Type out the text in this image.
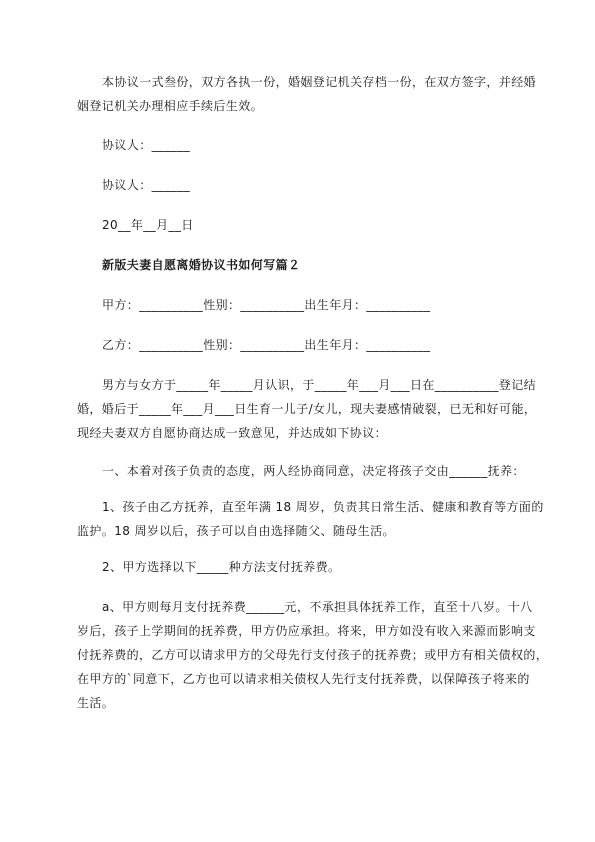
本协议一式叁份，双方各执一份，婚姻登记机关存档一份，在双方签字，并经婚
姻登记机关办理相应手续后生效。
协议人：______
协议人：______
20__年__月__日
新版夫妻自愿离婚协议书如何写篇２
甲方：__________性别：__________出生年月：__________
乙方：__________性别：__________出生年月：__________
男方与女方于_____年_____月认识，于_____年___月___日在__________登记结
婚，婚后于_____年___月___日生育一儿子/女儿，现夫妻感情破裂，已无和好可能，
现经夫妻双方自愿协商达成一致意见，并达成如下协议：
一、本着对孩子负责的态度，两人经协商同意，决定将孩子交由______抚养：
1、孩子由乙方抚养，直至年满 18 周岁，负责其日常生活、健康和教育等方面的
监护。18 周岁以后，孩子可以自由选择随父、随母生活。
2、甲方选择以下_____种方法支付抚养费。
a、甲方则每月支付抚养费______元，不承担具体抚养工作，直至十八岁。十八
岁后，孩子上学期间的抚养费，甲方仍应承担。将来，甲方如没有收入来源而影响支
付抚养费的，乙方可以请求甲方的父母先行支付孩子的抚养费；或甲方有相关债权的，
在甲方的`同意下，乙方也可以请求相关债权人先行支付抚养费，以保障孩子将来的
生活。
